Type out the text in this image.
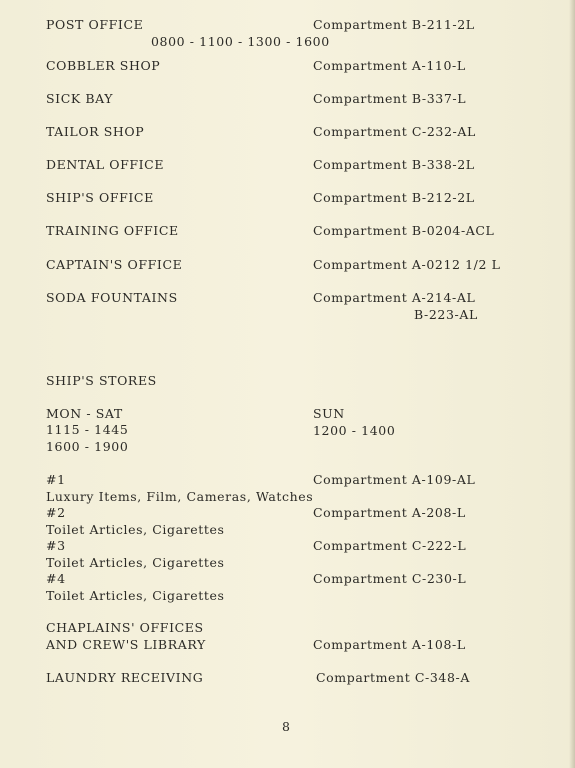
POST OFFICE	Compartment B-211-2L
0800 - 1100 - 1300 - 1600
COBBLER SHOP	Compartment A-110-L
SICK BAY	Compartment B-337-L
TAILOR SHOP	Compartment C-232-AL
DENTAL OFFICE	Compartment B-338-2L
SHIP'S OFFICE	Compartment B-212-2L
TRAINING OFFICE	Compartment B-0204-ACL
CAPTAIN'S OFFICE	Compartment A-0212 1/2 L
SODA FOUNTAINS	Compartment A-214-AL
B-223-AL
SHIP'S STORES
MON - SAT	SUN
1115 - 1445	1200 - 1400
1600 - 1900
#1	Compartment A-109-AL
Luxury Items, Film, Cameras, Watches
#2	Compartment A-208-L
Toilet Articles, Cigarettes
#3	Compartment C-222-L
Toilet Articles, Cigarettes
#4	Compartment C-230-L
Toilet Articles, Cigarettes
CHAPLAINS' OFFICES
AND CREW'S LIBRARY	Compartment A-108-L
LAUNDRY RECEIVING	Compartment C-348-A
8
